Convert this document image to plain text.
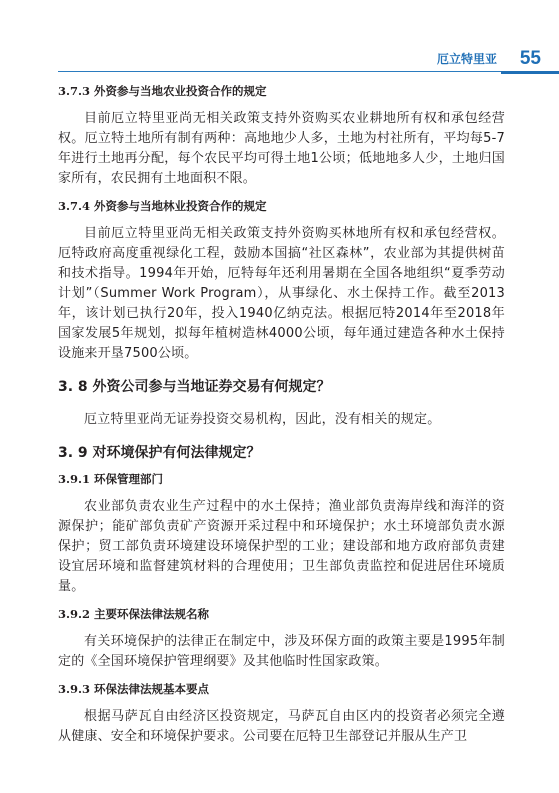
厄立特里亚 55
3.7.3 外资参与当地农业投资合作的规定

目前厄立特里亚尚无相关政策支持外资购买农业耕地所有权和承包经营权。厄立特土地所有制有两种：高地地少人多，土地为村社所有，平均每5-7年进行土地再分配，每个农民平均可得土地1公顷；低地地多人少，土地归国家所有，农民拥有土地面积不限。

3.7.4 外资参与当地林业投资合作的规定

目前厄立特里亚尚无相关政策支持外资购买林地所有权和承包经营权。厄特政府高度重视绿化工程，鼓励本国搞“社区森林”，农业部为其提供树苗和技术指导。1994年开始，厄特每年还利用暑期在全国各地组织“夏季劳动计划”（Summer Work Program），从事绿化、水土保持工作。截至2013年，该计划已执行20年，投入1940亿纳克法。根据厄特2014年至2018年国家发展5年规划，拟每年植树造林4000公顷，每年通过建造各种水土保持设施来开垦7500公顷。

3. 8 外资公司参与当地证券交易有何规定？

厄立特里亚尚无证券投资交易机构，因此，没有相关的规定。

3. 9 对环境保护有何法律规定？
3.9.1 环保管理部门

农业部负责农业生产过程中的水土保持；渔业部负责海岸线和海洋的资源保护；能矿部负责矿产资源开采过程中和环境保护；水土环境部负责水源保护；贸工部负责环境建设环境保护型的工业；建设部和地方政府部负责建设宜居环境和监督建筑材料的合理使用；卫生部负责监控和促进居住环境质量。

3.9.2 主要环保法律法规名称

有关环境保护的法律正在制定中，涉及环保方面的政策主要是1995年制定的《全国环境保护管理纲要》及其他临时性国家政策。

3.9.3 环保法律法规基本要点

根据马萨瓦自由经济区投资规定，马萨瓦自由区内的投资者必须完全遵从健康、安全和环境保护要求。公司要在厄特卫生部登记并服从生产卫
